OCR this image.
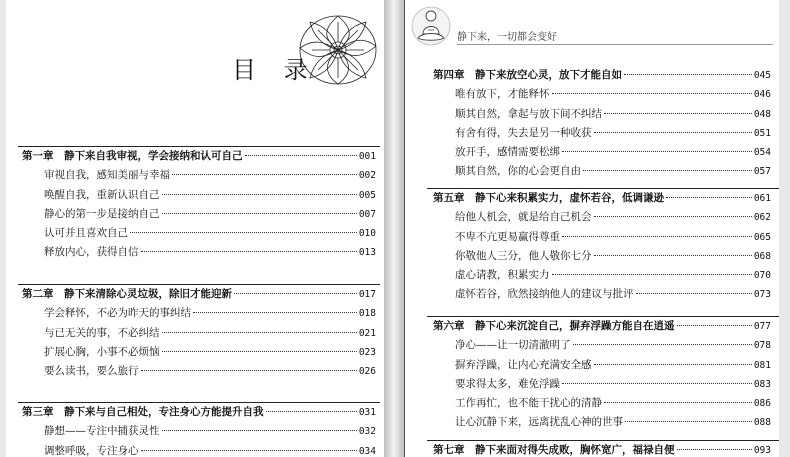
目 录
第一章　静下来自我审视，学会接纳和认可自己	001
审视自我，感知美丽与幸福	002
唤醒自我，重新认识自己	005
静心的第一步是接纳自己	007
认可并且喜欢自己	010
释放内心，获得自信	013
第二章　静下来清除心灵垃圾，除旧才能迎新	017
学会释怀，不必为昨天的事纠结	018
与已无关的事，不必纠结	021
扩展心胸，小事不必烦恼	023
要么读书，要么旅行	026
第三章　静下来与自己相处，专注身心方能提升自我	031
静想——专注中捕获灵性	032
调整呼吸，专注身心	034
静下来，一切都会变好
第四章　静下来放空心灵，放下才能自如	045
唯有放下，才能释怀	046
顺其自然，拿起与放下间不纠结	048
有舍有得，失去是另一种收获	051
放开手，感情需要松绑	054
顺其自然，你的心会更自由	057
第五章　静下心来积累实力，虚怀若谷，低调谦逊	061
给他人机会，就是给自己机会	062
不卑不亢更易赢得尊重	065
你敬他人三分，他人敬你七分	068
虚心请教，积累实力	070
虚怀若谷，欣然接纳他人的建议与批评	073
第六章　静下心来沉淀自己，摒弃浮躁方能自在逍遥	077
净心——让一切清澈明了	078
摒弃浮躁，让内心充满安全感	081
要求得太多，难免浮躁	083
工作再忙，也不能干扰心的清静	086
让心沉静下来，远离扰乱心神的世事	088
第七章　静下来面对得失成败，胸怀宽广，福禄自便	093
